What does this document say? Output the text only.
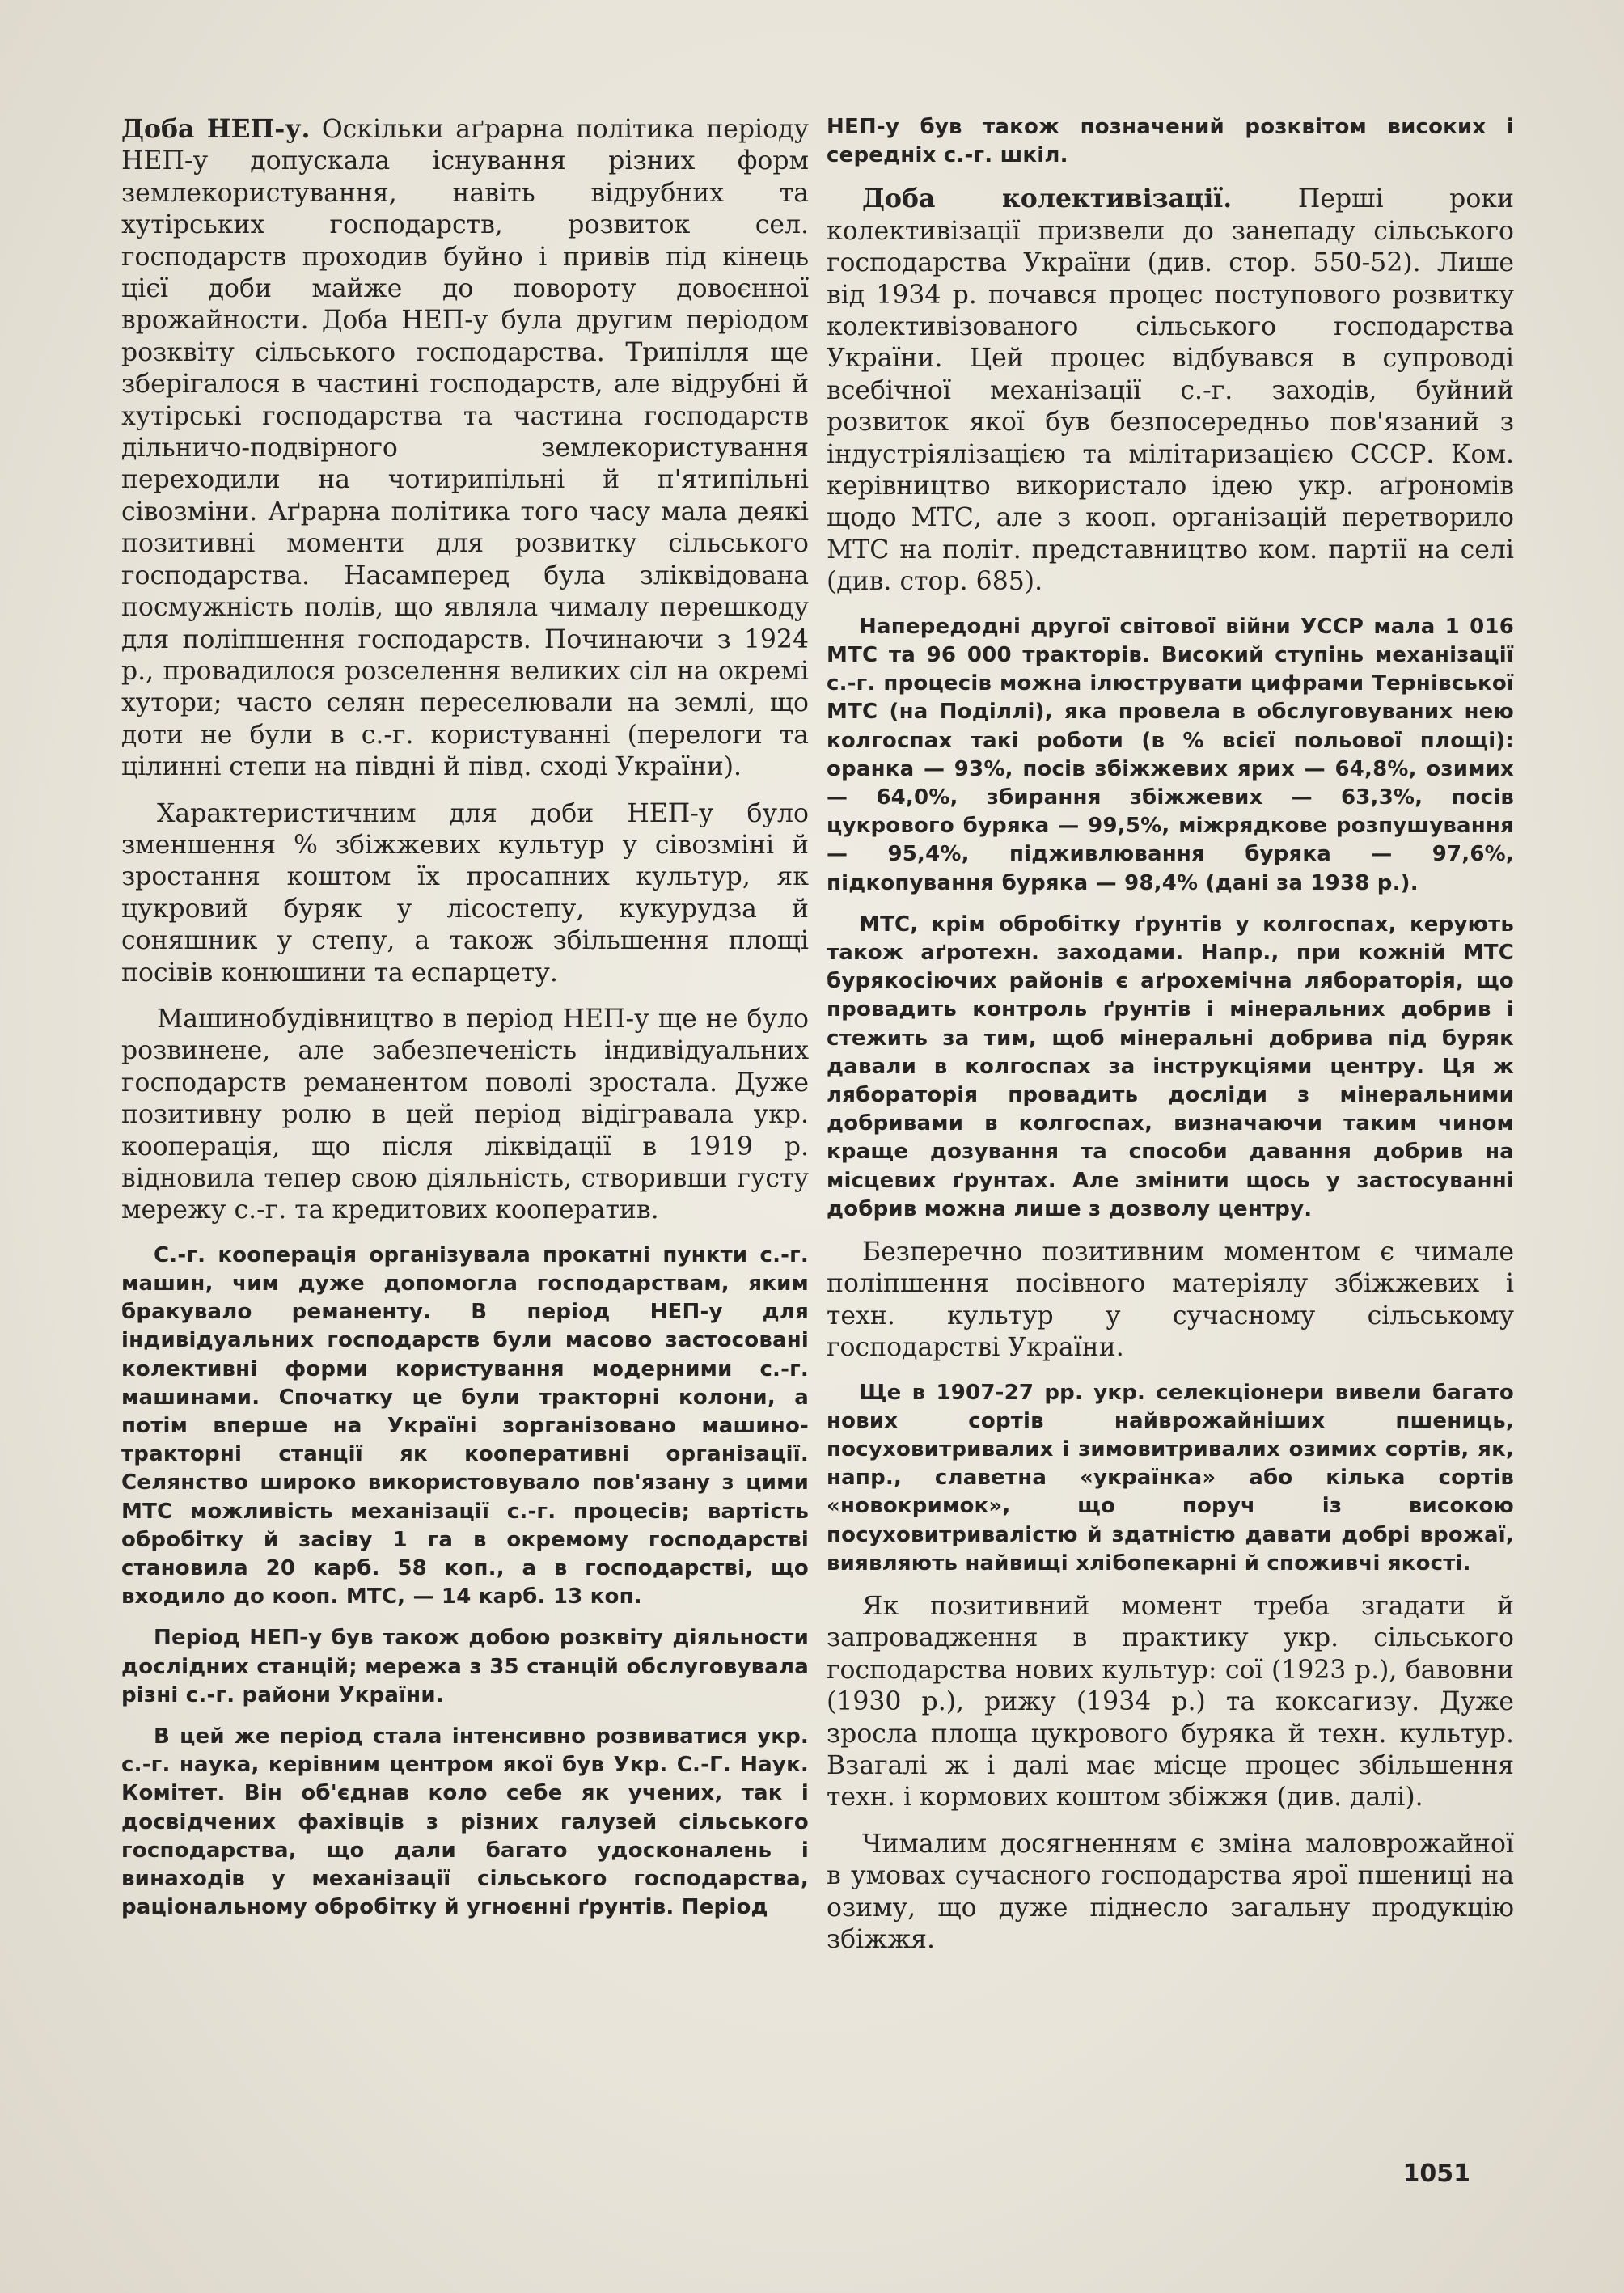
Доба НЕП-у. Оскільки аґрарна політика періоду НЕП-у допускала існування різних форм землекористування, навіть відрубних та хутірських господарств, розвиток сел. господарств проходив буйно і привів під кінець цієї доби майже до повороту довоєнної врожайности. Доба НЕП-у була другим періодом розквіту сільського господарства. Трипілля ще зберігалося в частині господарств, але відрубні й хутірські господарства та частина господарств дільничо-подвірного землекористування переходили на чотирипільні й п'ятипільні сівозміни. Аґрарна політика того часу мала деякі позитивні моменти для розвитку сільського господарства. Насамперед була зліквідована посмужність полів, що являла чималу перешкоду для поліпшення господарств. Починаючи з 1924 р., провадилося розселення великих сіл на окремі хутори; часто селян переселювали на землі, що доти не були в с.-г. користуванні (перелоги та цілинні степи на півдні й півд. сході України).

Характеристичним для доби НЕП-у було зменшення % збіжжевих культур у сівозміні й зростання коштом їх просапних культур, як цукровий буряк у лісостепу, кукурудза й соняшник у степу, а також збільшення площі посівів конюшини та еспарцету.

Машинобудівництво в період НЕП-у ще не було розвинене, але забезпеченість індивідуальних господарств реманентом поволі зростала. Дуже позитивну ролю в цей період відігравала укр. кооперація, що після ліквідації в 1919 р. відновила тепер свою діяльність, створивши густу мережу с.-г. та кредитових кооператив.

С.-г. кооперація організувала прокатні пункти с.-г. машин, чим дуже допомогла господарствам, яким бракувало реманенту. В період НЕП-у для індивідуальних господарств були масово застосовані колективні форми користування модерними с.-г. машинами. Спочатку це були тракторні колони, а потім вперше на Україні зорганізовано машино-тракторні станції як кооперативні організації. Селянство широко використовувало пов'язану з цими МТС можливість механізації с.-г. процесів; вартість обробітку й засіву 1 га в окремому господарстві становила 20 карб. 58 коп., а в господарстві, що входило до кооп. МТС, — 14 карб. 13 коп.

Період НЕП-у був також добою розквіту діяльности дослідних станцій; мережа з 35 станцій обслуговувала різні с.-г. райони України.

В цей же період стала інтенсивно розвиватися укр. с.-г. наука, керівним центром якої був Укр. С.-Г. Наук. Комітет. Він об'єднав коло себе як учених, так і досвідчених фахівців з різних галузей сільського господарства, що дали багато удосконалень і винаходів у механізації сільського господарства, раціональному обробітку й угноєнні ґрунтів. Період

НЕП-у був також позначений розквітом високих і середніх с.-г. шкіл.

Доба колективізації. Перші роки колективізації призвели до занепаду сільського господарства України (див. стор. 550-52). Лише від 1934 р. почався процес поступового розвитку колективізованого сільського господарства України. Цей процес відбувався в супроводі всебічної механізації с.-г. заходів, буйний розвиток якої був безпосередньо пов'язаний з індустріялізацією та мілітаризацією СССР. Ком. керівництво використало ідею укр. аґрономів щодо МТС, але з кооп. організацій перетворило МТС на політ. представництво ком. партії на селі (див. стор. 685).

Напередодні другої світової війни УССР мала 1 016 МТС та 96 000 тракторів. Високий ступінь механізації с.-г. процесів можна ілюструвати цифрами Тернівської МТС (на Поділлі), яка провела в обслуговуваних нею колгоспах такі роботи (в % всієї польової площі): оранка — 93%, посів збіжжевих ярих — 64,8%, озимих — 64,0%, збирання збіжжевих — 63,3%, посів цукрового буряка — 99,5%, міжрядкове розпушування — 95,4%, підживлювання буряка — 97,6%, підкопування буряка — 98,4% (дані за 1938 р.).

МТС, крім обробітку ґрунтів у колгоспах, керують також аґротехн. заходами. Напр., при кожній МТС бурякосіючих районів є аґрохемічна лябораторія, що провадить контроль ґрунтів і мінеральних добрив і стежить за тим, щоб мінеральні добрива під буряк давали в колгоспах за інструкціями центру. Ця ж лябораторія провадить досліди з мінеральними добривами в колгоспах, визначаючи таким чином краще дозування та способи давання добрив на місцевих ґрунтах. Але змінити щось у застосуванні добрив можна лише з дозволу центру.

Безперечно позитивним моментом є чимале поліпшення посівного матеріялу збіжжевих і техн. культур у сучасному сільському господарстві України.

Ще в 1907-27 рр. укр. селекціонери вивели багато нових сортів найврожайніших пшениць, посуховитривалих і зимовитривалих озимих сортів, як, напр., славетна «українка» або кілька сортів «новокримок», що поруч із високою посуховитривалістю й здатністю давати добрі врожаї, виявляють найвищі хлібопекарні й споживчі якості.

Як позитивний момент треба згадати й запровадження в практику укр. сільського господарства нових культур: сої (1923 р.), бавовни (1930 р.), рижу (1934 р.) та коксагизу. Дуже зросла площа цукрового буряка й техн. культур. Взагалі ж і далі має місце процес збільшення техн. і кормових коштом збіжжя (див. далі).

Чималим досягненням є зміна маловрожайної в умовах сучасного господарства ярої пшениці на озиму, що дуже піднесло загальну продукцію збіжжя.

1051
